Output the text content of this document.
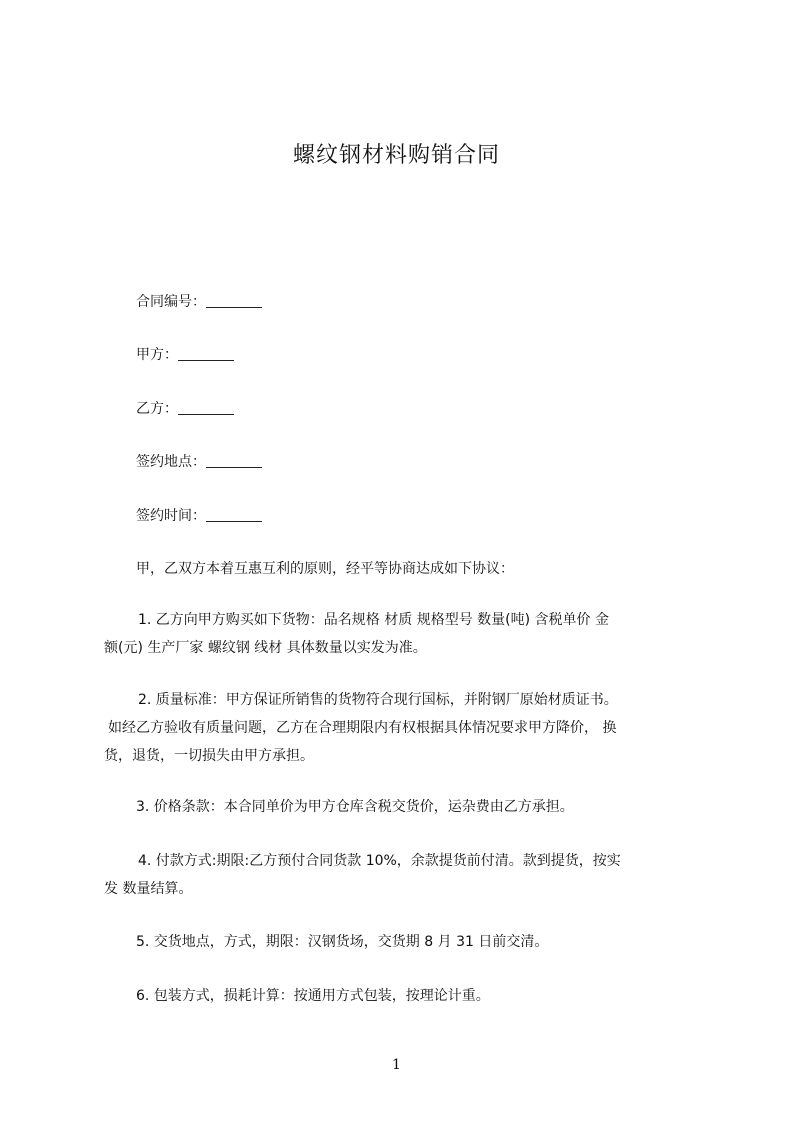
螺纹钢材料购销合同
合同编号：
甲方：
乙方：
签约地点：
签约时间：
甲，乙双方本着互惠互利的原则，经平等协商达成如下协议：
1. 乙方向甲方购买如下货物：品名规格 材质 规格型号 数量(吨) 含税单价 金
额(元) 生产厂家 螺纹钢 线材 具体数量以实发为准。
2. 质量标准：甲方保证所销售的货物符合现行国标，并附钢厂原始材质证书。
如经乙方验收有质量问题，乙方在合理期限内有权根据具体情况要求甲方降价， 换
货，退货，一切损失由甲方承担。
3. 价格条款：本合同单价为甲方仓库含税交货价，运杂费由乙方承担。
4. 付款方式:期限:乙方预付合同货款 10%，余款提货前付清。款到提货，按实
发 数量结算。
5. 交货地点，方式，期限：汉钢货场，交货期 8 月 31 日前交清。
6. 包装方式，损耗计算：按通用方式包装，按理论计重。
1
